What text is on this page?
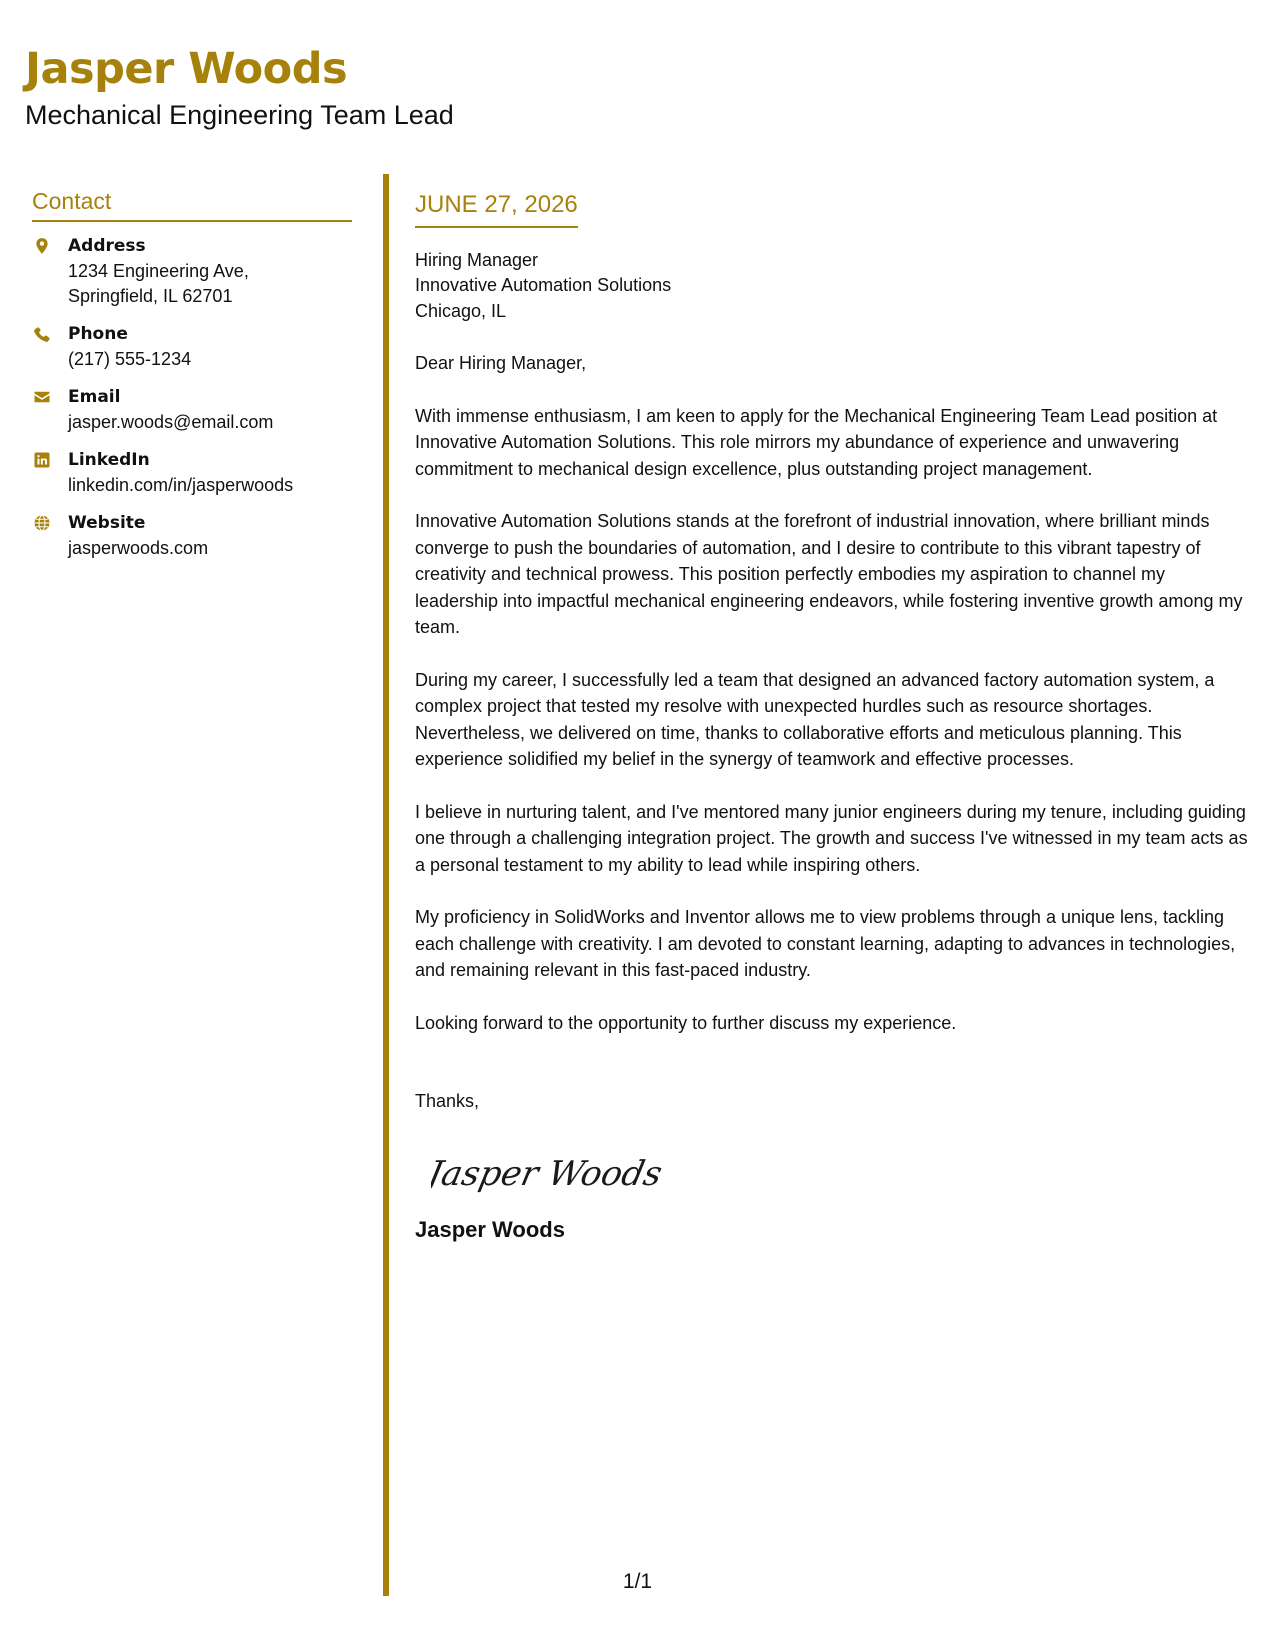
Jasper Woods
Mechanical Engineering Team Lead
Contact
Address
1234 Engineering Ave,
Springfield, IL 62701
Phone
(217) 555-1234
Email
jasper.woods@email.com
LinkedIn
linkedin.com/in/jasperwoods
Website
jasperwoods.com
JUNE 27, 2026
Hiring Manager
Innovative Automation Solutions
Chicago, IL

Dear Hiring Manager,

With immense enthusiasm, I am keen to apply for the Mechanical Engineering Team Lead position at Innovative Automation Solutions. This role mirrors my abundance of experience and unwavering commitment to mechanical design excellence, plus outstanding project management.

Innovative Automation Solutions stands at the forefront of industrial innovation, where brilliant minds converge to push the boundaries of automation, and I desire to contribute to this vibrant tapestry of creativity and technical prowess. This position perfectly embodies my aspiration to channel my leadership into impactful mechanical engineering endeavors, while fostering inventive growth among my team.

During my career, I successfully led a team that designed an advanced factory automation system, a complex project that tested my resolve with unexpected hurdles such as resource shortages. Nevertheless, we delivered on time, thanks to collaborative efforts and meticulous planning. This experience solidified my belief in the synergy of teamwork and effective processes.

I believe in nurturing talent, and I've mentored many junior engineers during my tenure, including guiding one through a challenging integration project. The growth and success I've witnessed in my team acts as a personal testament to my ability to lead while inspiring others.

My proficiency in SolidWorks and Inventor allows me to view problems through a unique lens, tackling each challenge with creativity. I am devoted to constant learning, adapting to advances in technologies, and remaining relevant in this fast-paced industry.

Looking forward to the opportunity to further discuss my experience.

Thanks,

Jasper Woods
Jasper Woods
1/1
